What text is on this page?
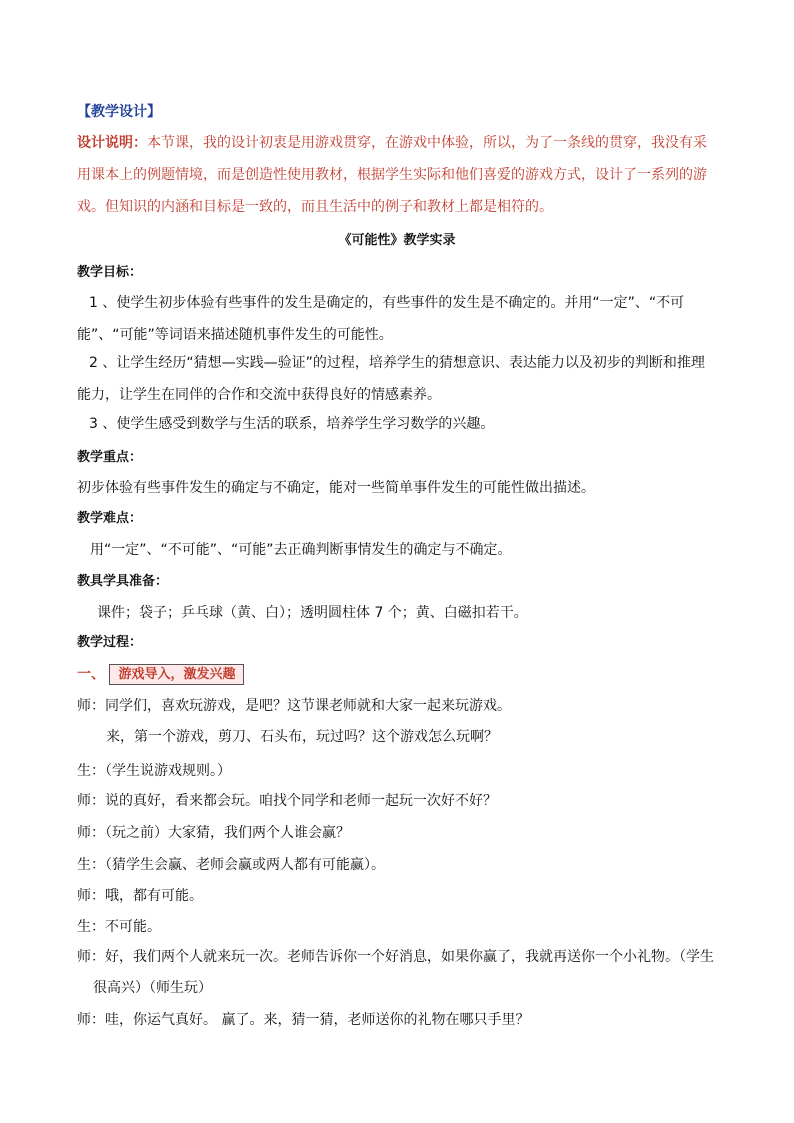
【教学设计】
设计说明：本节课，我的设计初衷是用游戏贯穿，在游戏中体验，所以，为了一条线的贯穿，我没有采用课本上的例题情境，而是创造性使用教材，根据学生实际和他们喜爱的游戏方式，设计了一系列的游戏。但知识的内涵和目标是一致的，而且生活中的例子和教材上都是相符的。
《可能性》教学实录
教学目标：
1 、使学生初步体验有些事件的发生是确定的，有些事件的发生是不确定的。并用“一定”、“不可能”、“可能”等词语来描述随机事件发生的可能性。
2 、让学生经历“猜想—实践—验证”的过程，培养学生的猜想意识、表达能力以及初步的判断和推理能力，让学生在同伴的合作和交流中获得良好的情感素养。
3 、使学生感受到数学与生活的联系，培养学生学习数学的兴趣。
教学重点：
初步体验有些事件发生的确定与不确定，能对一些简单事件发生的可能性做出描述。
教学难点：
用“一定”、“不可能”、“可能”去正确判断事情发生的确定与不确定。
教具学具准备：
课件；袋子；乒乓球（黄、白）；透明圆柱体 7 个；黄、白磁扣若干。
教学过程：
一、 游戏导入，激发兴趣
师：同学们，喜欢玩游戏，是吧？这节课老师就和大家一起来玩游戏。
来，第一个游戏，剪刀、石头布，玩过吗？这个游戏怎么玩啊？
生：（学生说游戏规则。）
师：说的真好，看来都会玩。咱找个同学和老师一起玩一次好不好？
师：（玩之前）大家猜，我们两个人谁会赢？
生：（猜学生会赢、老师会赢或两人都有可能赢）。
师：哦，都有可能。
生：不可能。
师：好，我们两个人就来玩一次。老师告诉你一个好消息，如果你赢了，我就再送你一个小礼物。（学生
很高兴）（师生玩）
师：哇，你运气真好。 赢了。来，猜一猜，老师送你的礼物在哪只手里？
